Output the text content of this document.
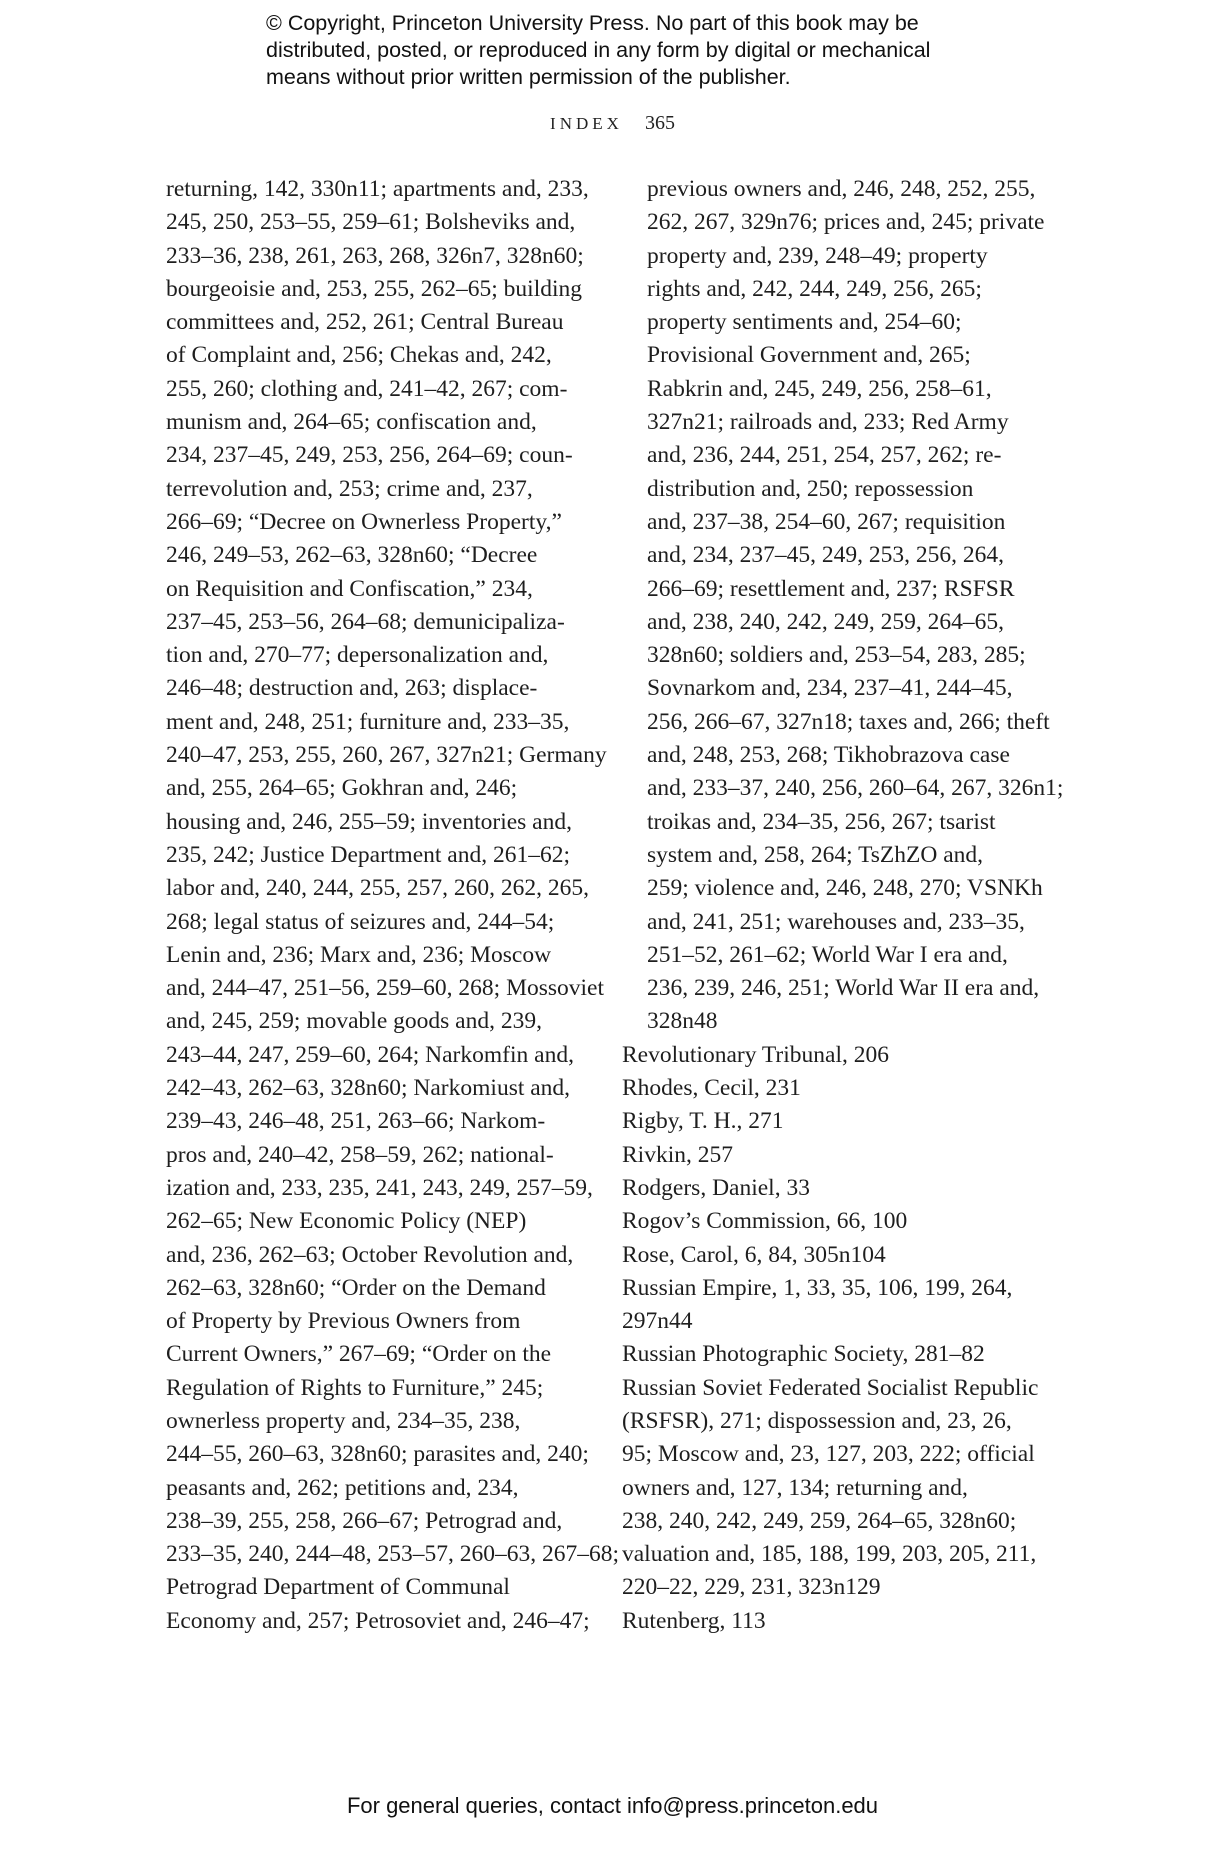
© Copyright, Princeton University Press. No part of this book may be
distributed, posted, or reproduced in any form by digital or mechanical
means without prior written permission of the publisher.
INDEX 365
returning, 142, 330n11; apartments and, 233,
245, 250, 253–55, 259–61; Bolsheviks and,
233–36, 238, 261, 263, 268, 326n7, 328n60;
bourgeoisie and, 253, 255, 262–65; building
committees and, 252, 261; Central Bureau
of Complaint and, 256; Chekas and, 242,
255, 260; clothing and, 241–42, 267; com-
munism and, 264–65; confiscation and,
234, 237–45, 249, 253, 256, 264–69; coun-
terrevolution and, 253; crime and, 237,
266–69; “Decree on Ownerless Property,”
246, 249–53, 262–63, 328n60; “Decree
on Requisition and Confiscation,” 234,
237–45, 253–56, 264–68; demunicipaliza-
tion and, 270–77; depersonalization and,
246–48; destruction and, 263; displace-
ment and, 248, 251; furniture and, 233–35,
240–47, 253, 255, 260, 267, 327n21; Germany
and, 255, 264–65; Gokhran and, 246;
housing and, 246, 255–59; inventories and,
235, 242; Justice Department and, 261–62;
labor and, 240, 244, 255, 257, 260, 262, 265,
268; legal status of seizures and, 244–54;
Lenin and, 236; Marx and, 236; Moscow
and, 244–47, 251–56, 259–60, 268; Mossoviet
and, 245, 259; movable goods and, 239,
243–44, 247, 259–60, 264; Narkomfin and,
242–43, 262–63, 328n60; Narkomiust and,
239–43, 246–48, 251, 263–66; Narkom-
pros and, 240–42, 258–59, 262; national-
ization and, 233, 235, 241, 243, 249, 257–59,
262–65; New Economic Policy (NEP)
and, 236, 262–63; October Revolution and,
262–63, 328n60; “Order on the Demand
of Property by Previous Owners from
Current Owners,” 267–69; “Order on the
Regulation of Rights to Furniture,” 245;
ownerless property and, 234–35, 238,
244–55, 260–63, 328n60; parasites and, 240;
peasants and, 262; petitions and, 234,
238–39, 255, 258, 266–67; Petrograd and,
233–35, 240, 244–48, 253–57, 260–63, 267–68;
Petrograd Department of Communal
Economy and, 257; Petrosoviet and, 246–47;
previous owners and, 246, 248, 252, 255,
262, 267, 329n76; prices and, 245; private
property and, 239, 248–49; property
rights and, 242, 244, 249, 256, 265;
property sentiments and, 254–60;
Provisional Government and, 265;
Rabkrin and, 245, 249, 256, 258–61,
327n21; railroads and, 233; Red Army
and, 236, 244, 251, 254, 257, 262; re-
distribution and, 250; repossession
and, 237–38, 254–60, 267; requisition
and, 234, 237–45, 249, 253, 256, 264,
266–69; resettlement and, 237; RSFSR
and, 238, 240, 242, 249, 259, 264–65,
328n60; soldiers and, 253–54, 283, 285;
Sovnarkom and, 234, 237–41, 244–45,
256, 266–67, 327n18; taxes and, 266; theft
and, 248, 253, 268; Tikhobrazova case
and, 233–37, 240, 256, 260–64, 267, 326n1;
troikas and, 234–35, 256, 267; tsarist
system and, 258, 264; TsZhZO and,
259; violence and, 246, 248, 270; VSNKh
and, 241, 251; warehouses and, 233–35,
251–52, 261–62; World War I era and,
236, 239, 246, 251; World War II era and,
328n48
Revolutionary Tribunal, 206
Rhodes, Cecil, 231
Rigby, T. H., 271
Rivkin, 257
Rodgers, Daniel, 33
Rogov’s Commission, 66, 100
Rose, Carol, 6, 84, 305n104
Russian Empire, 1, 33, 35, 106, 199, 264,
297n44
Russian Photographic Society, 281–82
Russian Soviet Federated Socialist Republic
(RSFSR), 271; dispossession and, 23, 26,
95; Moscow and, 23, 127, 203, 222; official
owners and, 127, 134; returning and,
238, 240, 242, 249, 259, 264–65, 328n60;
valuation and, 185, 188, 199, 203, 205, 211,
220–22, 229, 231, 323n129
Rutenberg, 113
For general queries, contact info@press.princeton.edu
